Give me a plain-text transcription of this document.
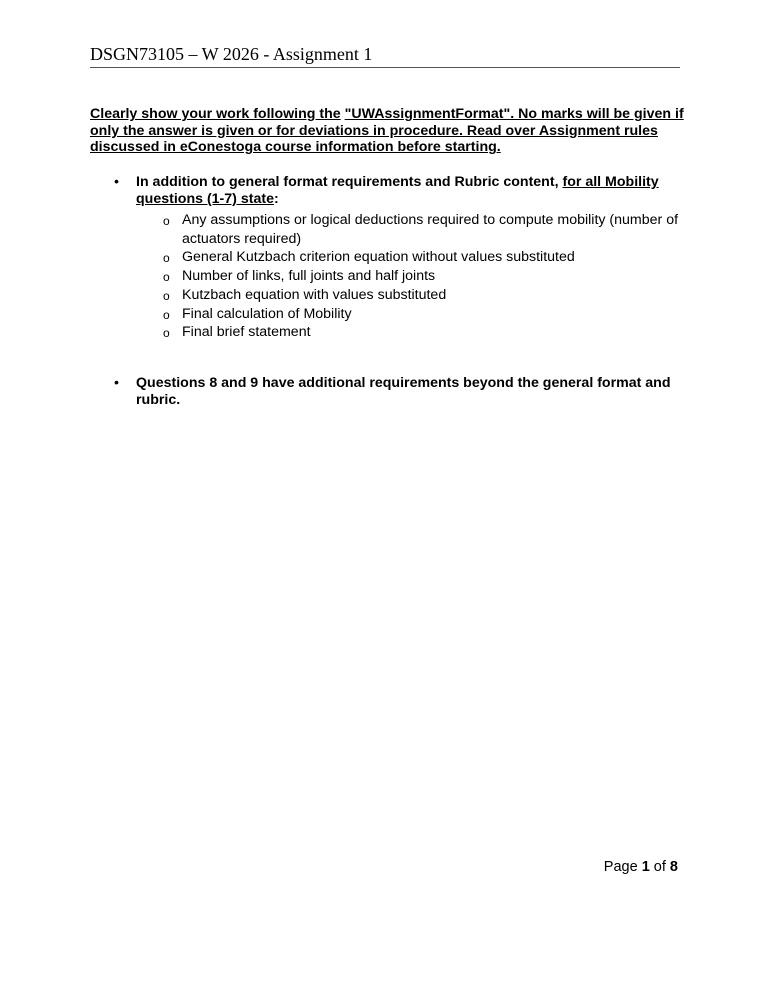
DSGN73105 – W 2026 - Assignment 1
Clearly show your work following the "UWAssignmentFormat". No marks will be given if only the answer is given or for deviations in procedure. Read over Assignment rules discussed in eConestoga course information before starting.
• In addition to general format requirements and Rubric content, for all Mobility questions (1-7) state:
o Any assumptions or logical deductions required to compute mobility (number of actuators required)
o General Kutzbach criterion equation without values substituted
o Number of links, full joints and half joints
o Kutzbach equation with values substituted
o Final calculation of Mobility
o Final brief statement
• Questions 8 and 9 have additional requirements beyond the general format and rubric.
Page 1 of 8
